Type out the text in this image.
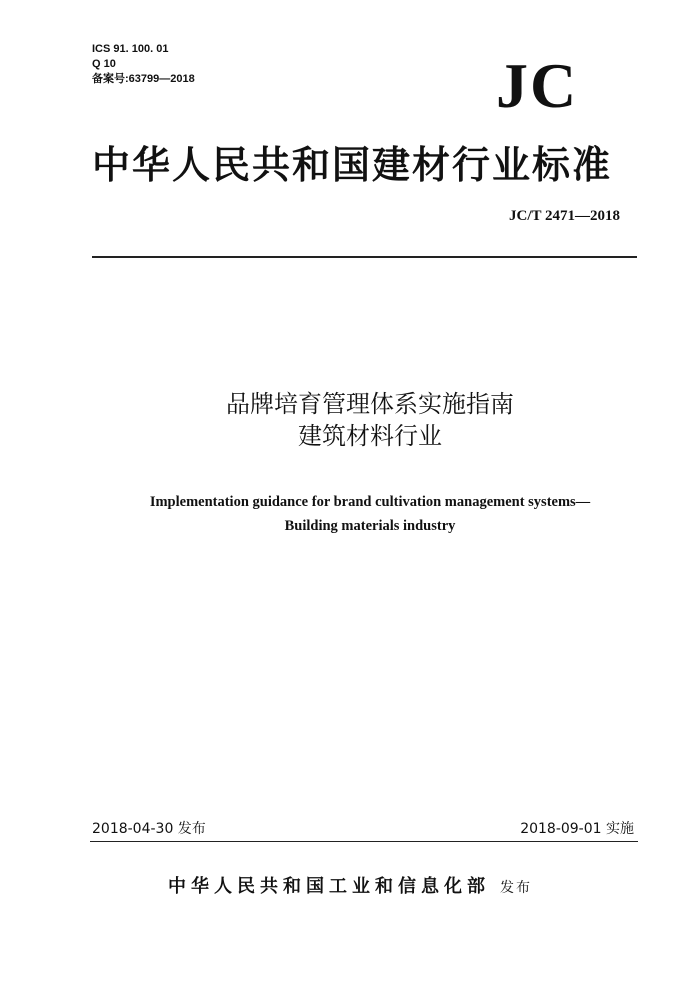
ICS 91. 100. 01
Q 10
备案号:63799—2018	JC
中华人民共和国建材行业标准
JC/T 2471—2018
品牌培育管理体系实施指南
建筑材料行业
Implementation guidance for brand cultivation management systems—
Building materials industry
2018-04-30 发布	2018-09-01 实施
中华人民共和国工业和信息化部 发布
